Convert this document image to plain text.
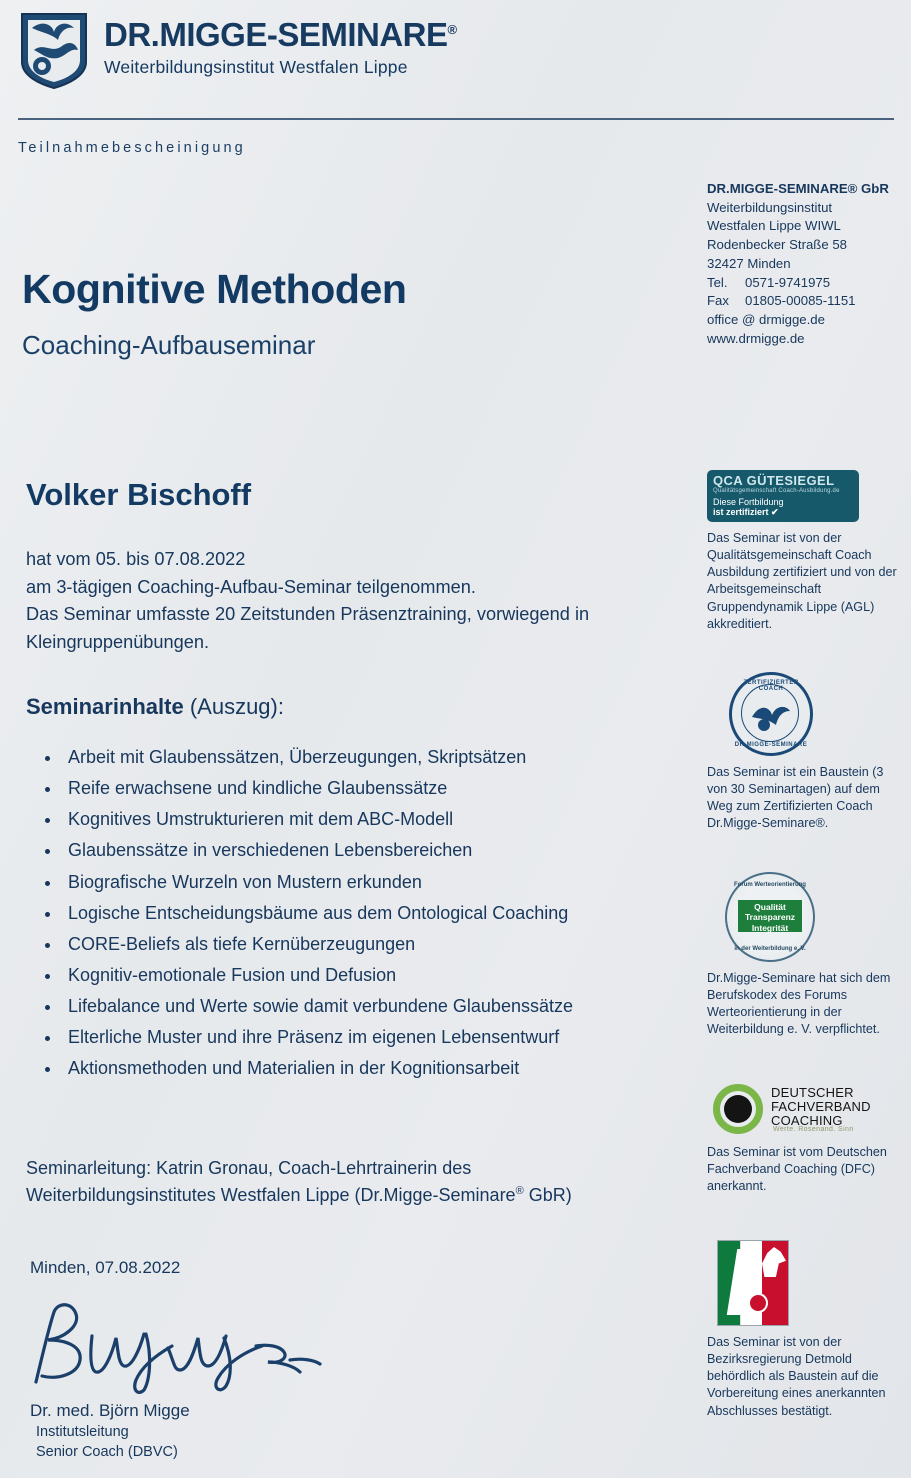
DR.MIGGE-SEMINARE®
Weiterbildungsinstitut Westfalen Lippe
Teilnahmebescheinigung
DR.MIGGE-SEMINARE® GbR
Weiterbildungsinstitut
Westfalen Lippe WIWL
Rodenbecker Straße 58
32427 Minden
Tel. 0571-9741975
Fax 01805-00085-1151
office @ drmigge.de
www.drmigge.de
Kognitive Methoden
Coaching-Aufbauseminar
Volker Bischoff
hat vom 05. bis 07.08.2022
am 3-tägigen Coaching-Aufbau-Seminar teilgenommen.
Das Seminar umfasste 20 Zeitstunden Präsenztraining, vorwiegend in
Kleingruppenübungen.
Seminarinhalte (Auszug):
• Arbeit mit Glaubenssätzen, Überzeugungen, Skriptsätzen
• Reife erwachsene und kindliche Glaubenssätze
• Kognitives Umstrukturieren mit dem ABC-Modell
• Glaubenssätze in verschiedenen Lebensbereichen
• Biografische Wurzeln von Mustern erkunden
• Logische Entscheidungsbäume aus dem Ontological Coaching
• CORE-Beliefs als tiefe Kernüberzeugungen
• Kognitiv-emotionale Fusion und Defusion
• Lifebalance und Werte sowie damit verbundene Glaubenssätze
• Elterliche Muster und ihre Präsenz im eigenen Lebensentwurf
• Aktionsmethoden und Materialien in der Kognitionsarbeit
Seminarleitung: Katrin Gronau, Coach-Lehrtrainerin des
Weiterbildungsinstitutes Westfalen Lippe (Dr.Migge-Seminare® GbR)
Minden, 07.08.2022
Dr. med. Björn Migge
Institutsleitung
Senior Coach (DBVC)
QCA GÜTESIEGEL
Qualitätsgemeinschaft Coach-Ausbildung.de
Diese Fortbildung
ist zertifiziert ✔
Das Seminar ist von der Qualitätsgemeinschaft Coach Ausbildung zertifiziert und von der Arbeitsgemeinschaft Gruppendynamik Lippe (AGL) akkreditiert.
ZERTIFIZIERTER COACH
DR.MIGGE-SEMINARE
Das Seminar ist ein Baustein (3 von 30 Seminartagen) auf dem Weg zum Zertifizierten Coach Dr.Migge-Seminare®.
Forum Werteorientierung
Qualität
Transparenz
Integrität
in der Weiterbildung e. V.
Dr.Migge-Seminare hat sich dem Berufskodex des Forums Werteorientierung in der Weiterbildung e. V. verpflichtet.
DEUTSCHER
FACHVERBAND
COACHING
Werte. Rosenand. Sinn
Das Seminar ist vom Deutschen Fachverband Coaching (DFC) anerkannt.
Das Seminar ist von der Bezirksregierung Detmold behördlich als Baustein auf die Vorbereitung eines anerkannten Abschlusses bestätigt.
